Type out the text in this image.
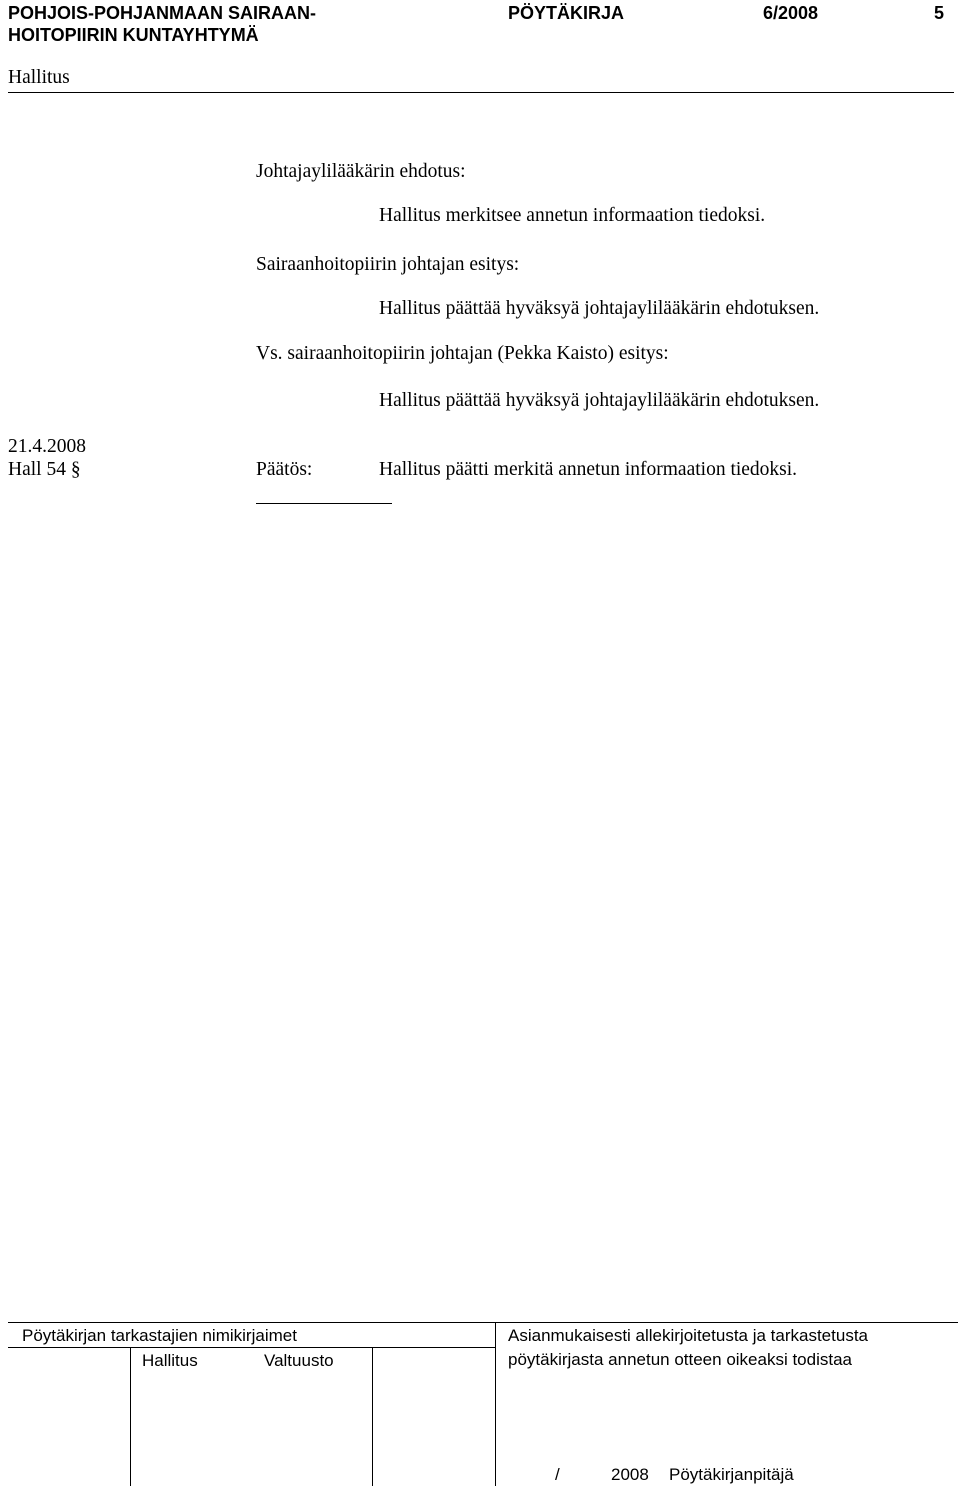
POHJOIS-POHJANMAAN SAIRAAN-
HOITOPIIRIN KUNTAYHTYMÄ
PÖYTÄKIRJA	6/2008	5
Hallitus
Johtajaylilääkärin ehdotus:
Hallitus merkitsee annetun informaation tiedoksi.
Sairaanhoitopiirin johtajan esitys:
Hallitus päättää hyväksyä johtajaylilääkärin ehdotuksen.
Vs. sairaanhoitopiirin johtajan (Pekka Kaisto) esitys:
Hallitus päättää hyväksyä johtajaylilääkärin ehdotuksen.
21.4.2008
Hall 54 §	Päätös:	Hallitus päätti merkitä annetun informaation tiedoksi.
Pöytäkirjan tarkastajien nimikirjaimet
Hallitus	Valtuusto
Asianmukaisesti allekirjoitetusta ja tarkastetusta
pöytäkirjasta annetun otteen oikeaksi todistaa
/	2008 Pöytäkirjanpitäjä
